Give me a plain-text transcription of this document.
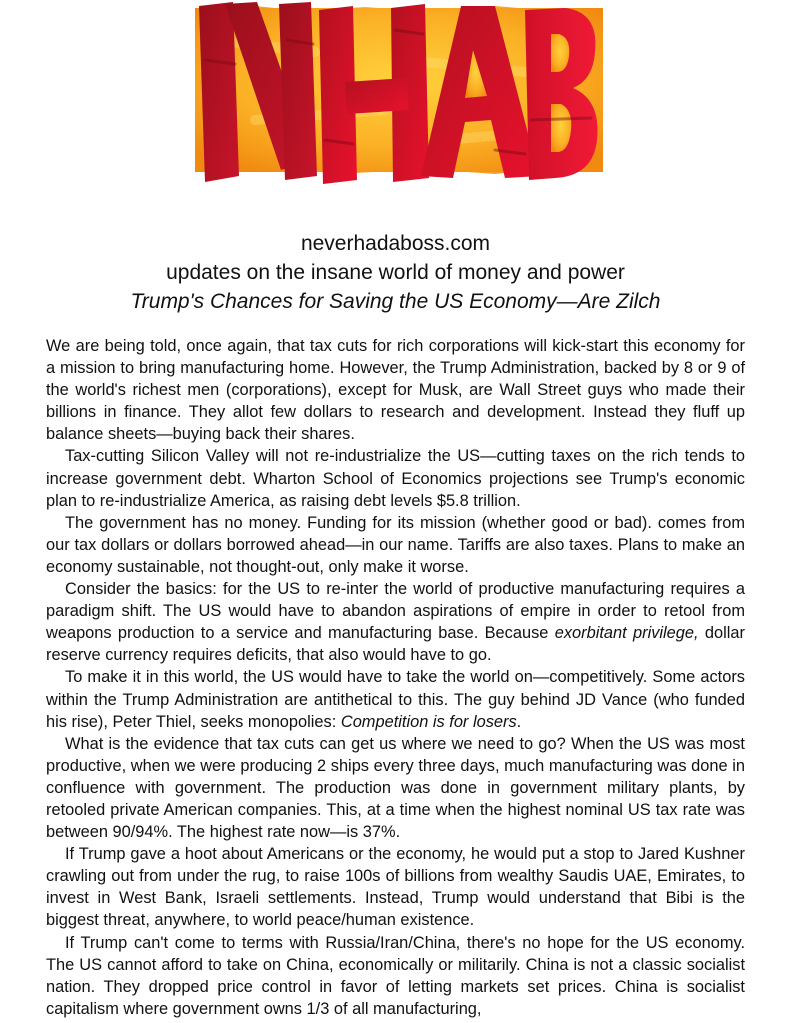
neverhadaboss.com
updates on the insane world of money and power
Trump's Chances for Saving the US Economy—Are Zilch

We are being told, once again, that tax cuts for rich corporations will kick-start this economy for a mission to bring manufacturing home. However, the Trump Administration, backed by 8 or 9 of the world's richest men (corporations), except for Musk, are Wall Street guys who made their billions in finance. They allot few dollars to research and development. Instead they fluff up balance sheets—buying back their shares.

Tax-cutting Silicon Valley will not re-industrialize the US—cutting taxes on the rich tends to increase government debt. Wharton School of Economics projections see Trump's economic plan to re-industrialize America, as raising debt levels $5.8 trillion.

The government has no money. Funding for its mission (whether good or bad). comes from our tax dollars or dollars borrowed ahead—in our name. Tariffs are also taxes. Plans to make an economy sustainable, not thought-out, only make it worse.

Consider the basics: for the US to re-inter the world of productive manufacturing requires a paradigm shift. The US would have to abandon aspirations of empire in order to retool from weapons production to a service and manufacturing base. Because exorbitant privilege, dollar reserve currency requires deficits, that also would have to go.

To make it in this world, the US would have to take the world on—competitively. Some actors within the Trump Administration are antithetical to this. The guy behind JD Vance (who funded his rise), Peter Thiel, seeks monopolies: Competition is for losers.

What is the evidence that tax cuts can get us where we need to go? When the US was most productive, when we were producing 2 ships every three days, much manufacturing was done in confluence with government. The production was done in government military plants, by retooled private American companies. This, at a time when the highest nominal US tax rate was between 90/94%. The highest rate now—is 37%.

If Trump gave a hoot about Americans or the economy, he would put a stop to Jared Kushner crawling out from under the rug, to raise 100s of billions from wealthy Saudis UAE, Emirates, to invest in West Bank, Israeli settlements. Instead, Trump would understand that Bibi is the biggest threat, anywhere, to world peace/human existence.

If Trump can't come to terms with Russia/Iran/China, there's no hope for the US economy. The US cannot afford to take on China, economically or militarily. China is not a classic socialist nation. They dropped price control in favor of letting markets set prices. China is socialist capitalism where government owns 1/3 of all manufacturing,
